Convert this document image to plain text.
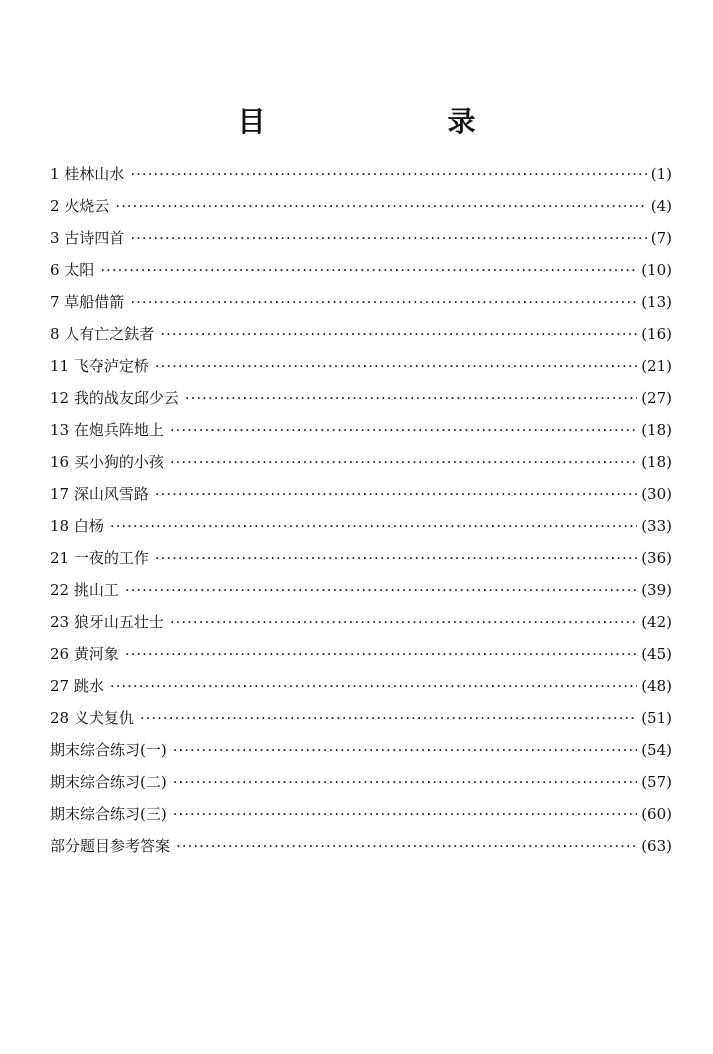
目　　录
1 桂林山水 ·····	(1)
2 火烧云 ·····	(4)
3 古诗四首 ·····	(7)
6 太阳 ·····	(10)
7 草船借箭 ·····	(13)
8 人有亡之鈇者 ·····	(16)
11 飞夺泸定桥 ·····	(21)
12 我的战友邱少云 ·····	(27)
13 在炮兵阵地上 ·····	(18)
16 买小狗的小孩 ·····	(18)
17 深山风雪路 ·····	(30)
18 白杨 ·····	(33)
21 一夜的工作 ·····	(36)
22 挑山工 ·····	(39)
23 狼牙山五壮士 ·····	(42)
26 黄河象 ·····	(45)
27 跳水 ·····	(48)
28 义犬复仇 ·····	(51)
期末综合练习(一) ·····	(54)
期末综合练习(二) ·····	(57)
期末综合练习(三) ·····	(60)
部分题目参考答案 ·····	(63)
